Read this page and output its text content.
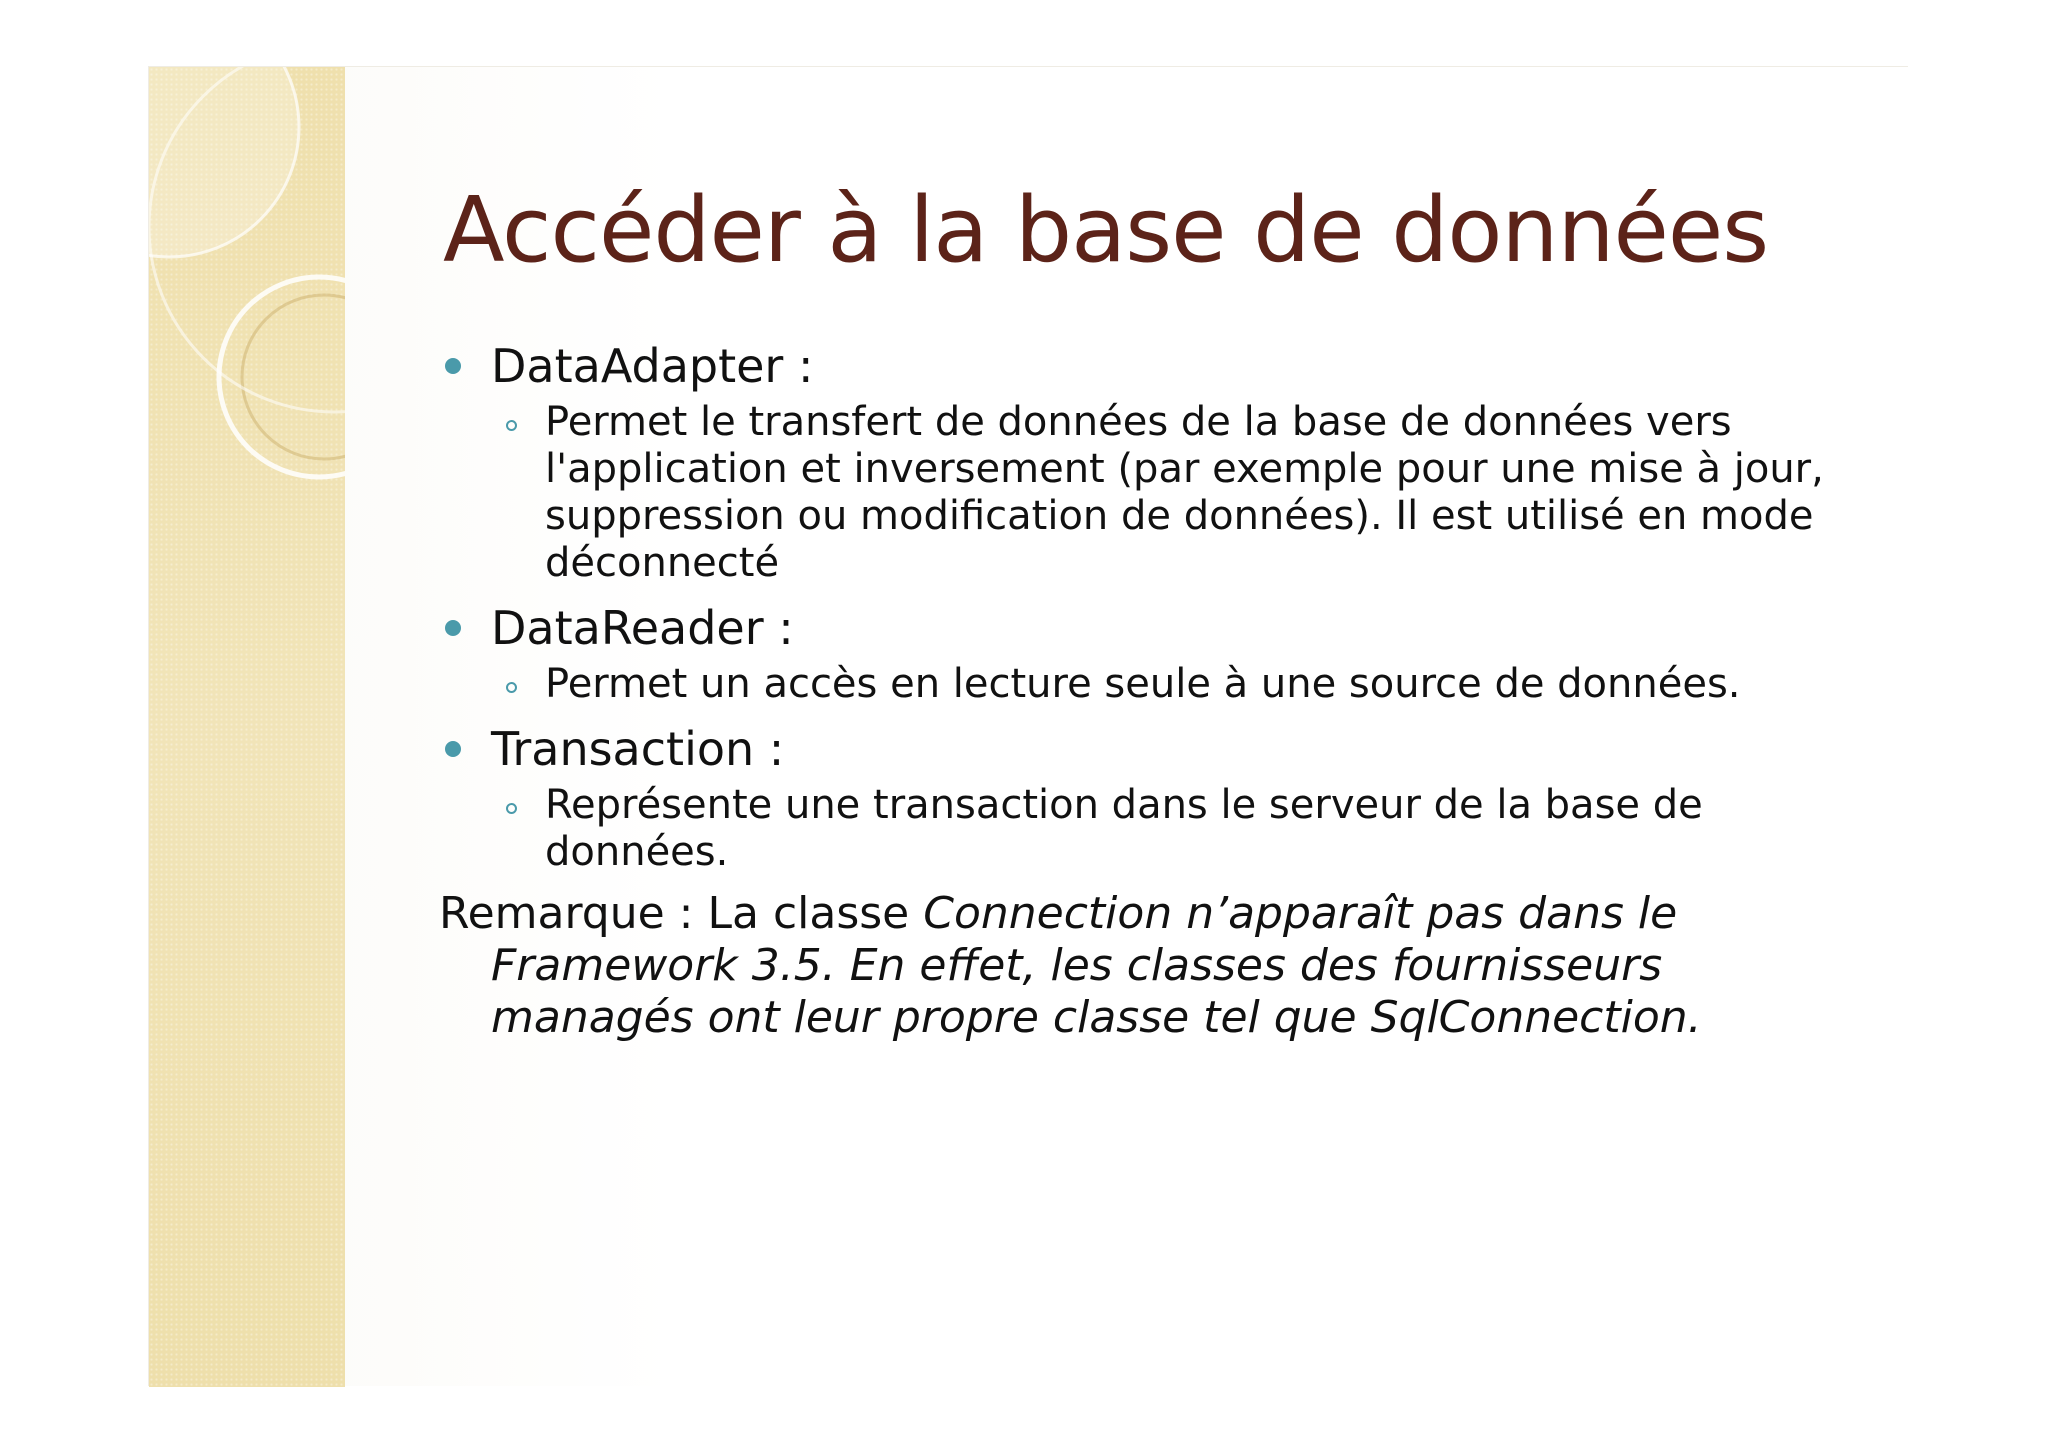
Accéder à la base de données
DataAdapter :
Permet le transfert de données de la base de données vers l'application et inversement (par exemple pour une mise à jour, suppression ou modification de données). Il est utilisé en mode déconnecté
DataReader :
Permet un accès en lecture seule à une source de données.
Transaction :
Représente une transaction dans le serveur de la base de données.
Remarque : La classe Connection n’apparaît pas dans le Framework 3.5. En effet, les classes des fournisseurs managés ont leur propre classe tel que SqlConnection.
